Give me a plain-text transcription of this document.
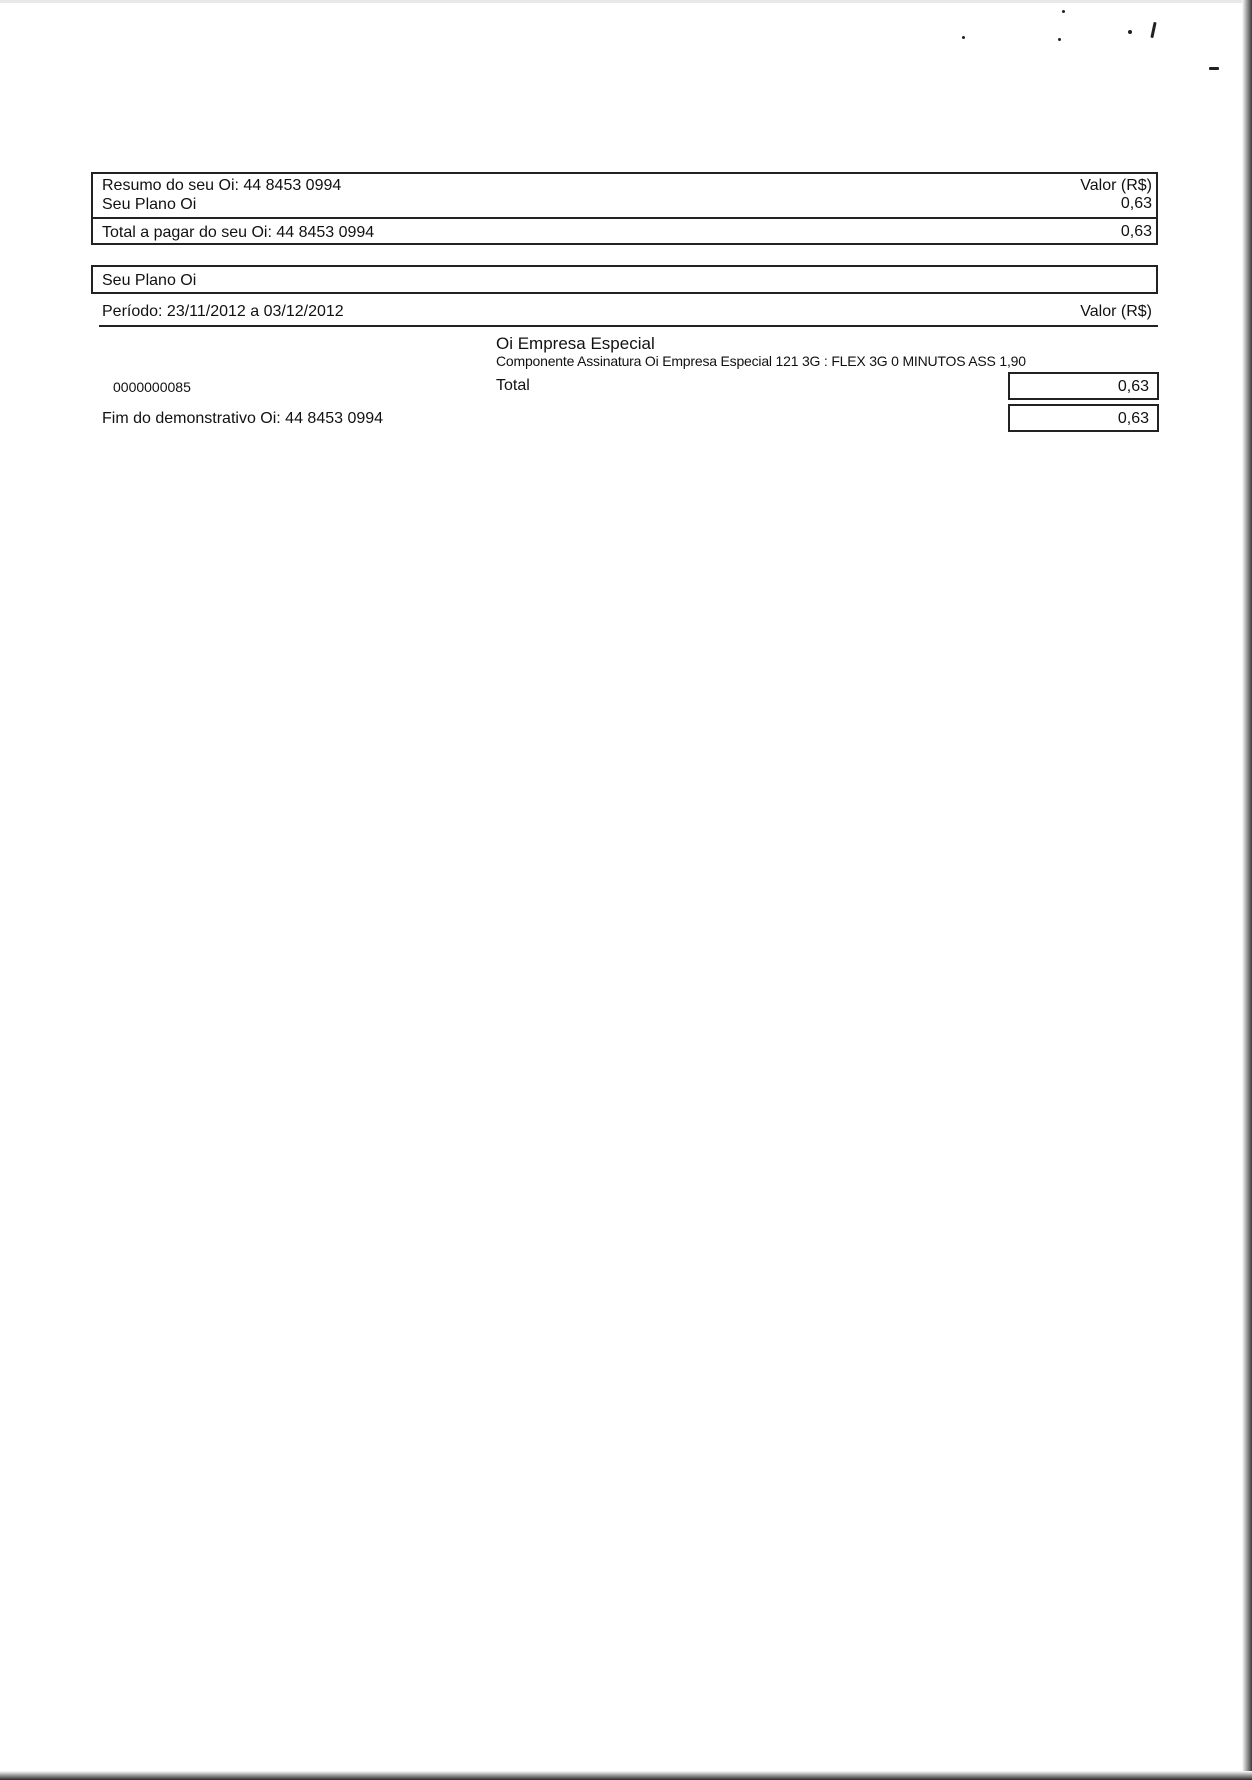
Resumo do seu Oi: 44 8453 0994	Valor (R$)
Seu Plano Oi	0,63
Total a pagar do seu Oi: 44 8453 0994	0,63
Seu Plano Oi
Período: 23/11/2012 a 03/12/2012	Valor (R$)
Oi Empresa Especial
Componente Assinatura Oi Empresa Especial 121 3G : FLEX 3G 0 MINUTOS ASS 1,90
0000000085	Total	0,63
Fim do demonstrativo Oi: 44 8453 0994	0,63
